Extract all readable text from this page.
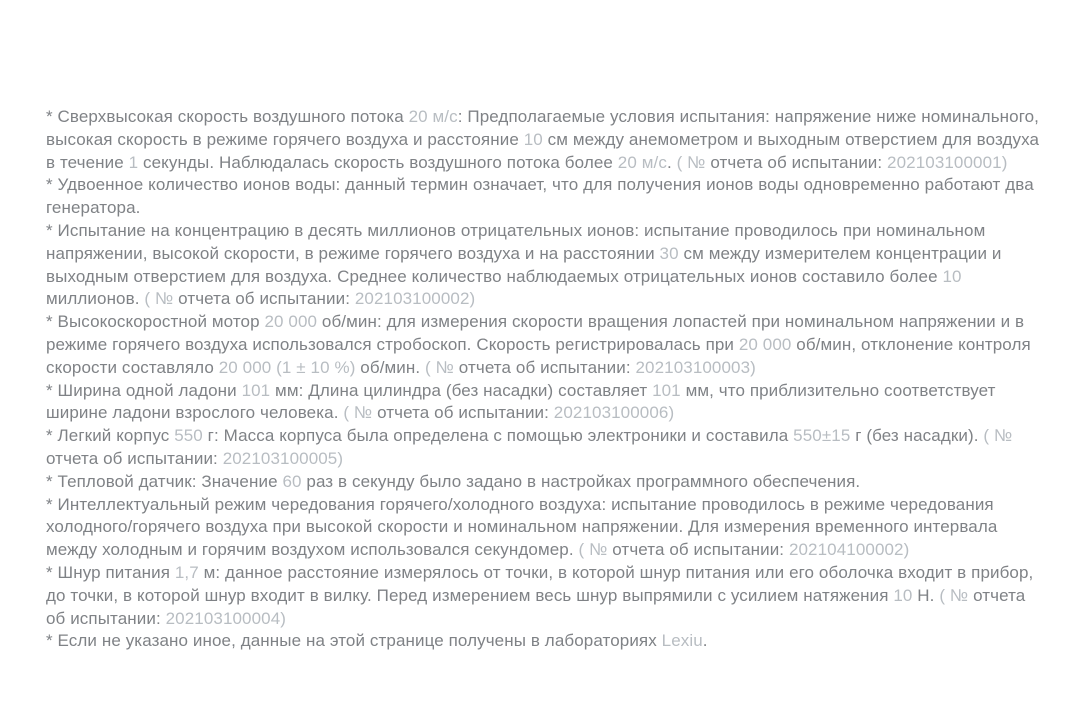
* Сверхвысокая скорость воздушного потока 20 м/с: Предполагаемые условия испытания: напряжение ниже номинального, высокая скорость в режиме горячего воздуха и расстояние 10 см между анемометром и выходным отверстием для воздуха в течение 1 секунды. Наблюдалась скорость воздушного потока более 20 м/с. ( № отчета об испытании: 202103100001)

* Удвоенное количество ионов воды: данный термин означает, что для получения ионов воды одновременно работают два генератора.

* Испытание на концентрацию в десять миллионов отрицательных ионов: испытание проводилось при номинальном напряжении, высокой скорости, в режиме горячего воздуха и на расстоянии 30 см между измерителем концентрации и выходным отверстием для воздуха. Среднее количество наблюдаемых отрицательных ионов составило более 10 миллионов. ( № отчета об испытании: 202103100002)

* Высокоскоростной мотор 20 000 об/мин: для измерения скорости вращения лопастей при номинальном напряжении и в режиме горячего воздуха использовался стробоскоп. Скорость регистрировалась при 20 000 об/мин, отклонение контроля скорости составляло 20 000 (1 ± 10 %) об/мин. ( № отчета об испытании: 202103100003)

* Ширина одной ладони 101 мм: Длина цилиндра (без насадки) составляет 101 мм, что приблизительно соответствует ширине ладони взрослого человека. ( № отчета об испытании: 202103100006)

* Легкий корпус 550 г: Масса корпуса была определена с помощью электроники и составила 550±15 г (без насадки). ( № отчета об испытании: 202103100005)

* Тепловой датчик: Значение 60 раз в секунду было задано в настройках программного обеспечения.

* Интеллектуальный режим чередования горячего/холодного воздуха: испытание проводилось в режиме чередования холодного/горячего воздуха при высокой скорости и номинальном напряжении. Для измерения временного интервала между холодным и горячим воздухом использовался секундомер. ( № отчета об испытании: 202104100002)

* Шнур питания 1,7 м: данное расстояние измерялось от точки, в которой шнур питания или его оболочка входит в прибор, до точки, в которой шнур входит в вилку. Перед измерением весь шнур выпрямили с усилием натяжения 10 Н. ( № отчета об испытании: 202103100004)

* Если не указано иное, данные на этой странице получены в лабораториях Lexiu.
